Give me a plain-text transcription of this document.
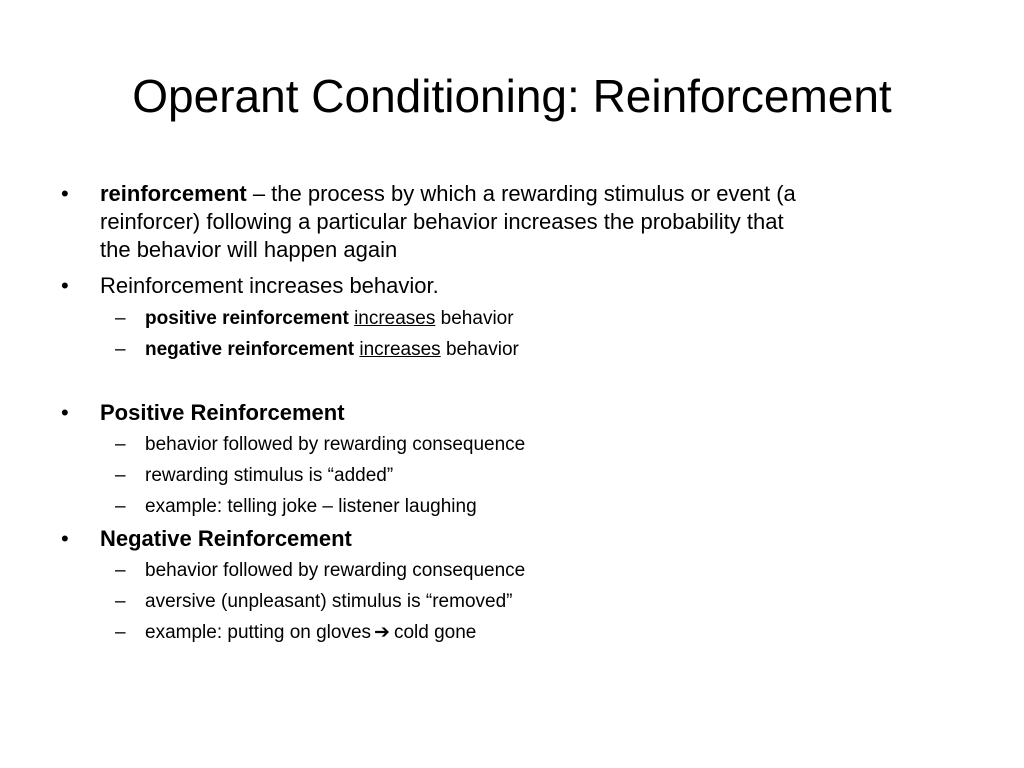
Operant Conditioning: Reinforcement
• reinforcement – the process by which a rewarding stimulus or event (a
reinforcer) following a particular behavior increases the probability that
the behavior will happen again
• Reinforcement increases behavior.
– positive reinforcement increases behavior
– negative reinforcement increases behavior
• Positive Reinforcement
– behavior followed by rewarding consequence
– rewarding stimulus is “added”
– example: telling joke – listener laughing
• Negative Reinforcement
– behavior followed by rewarding consequence
– aversive (unpleasant) stimulus is “removed”
– example: putting on gloves ➔ cold gone
